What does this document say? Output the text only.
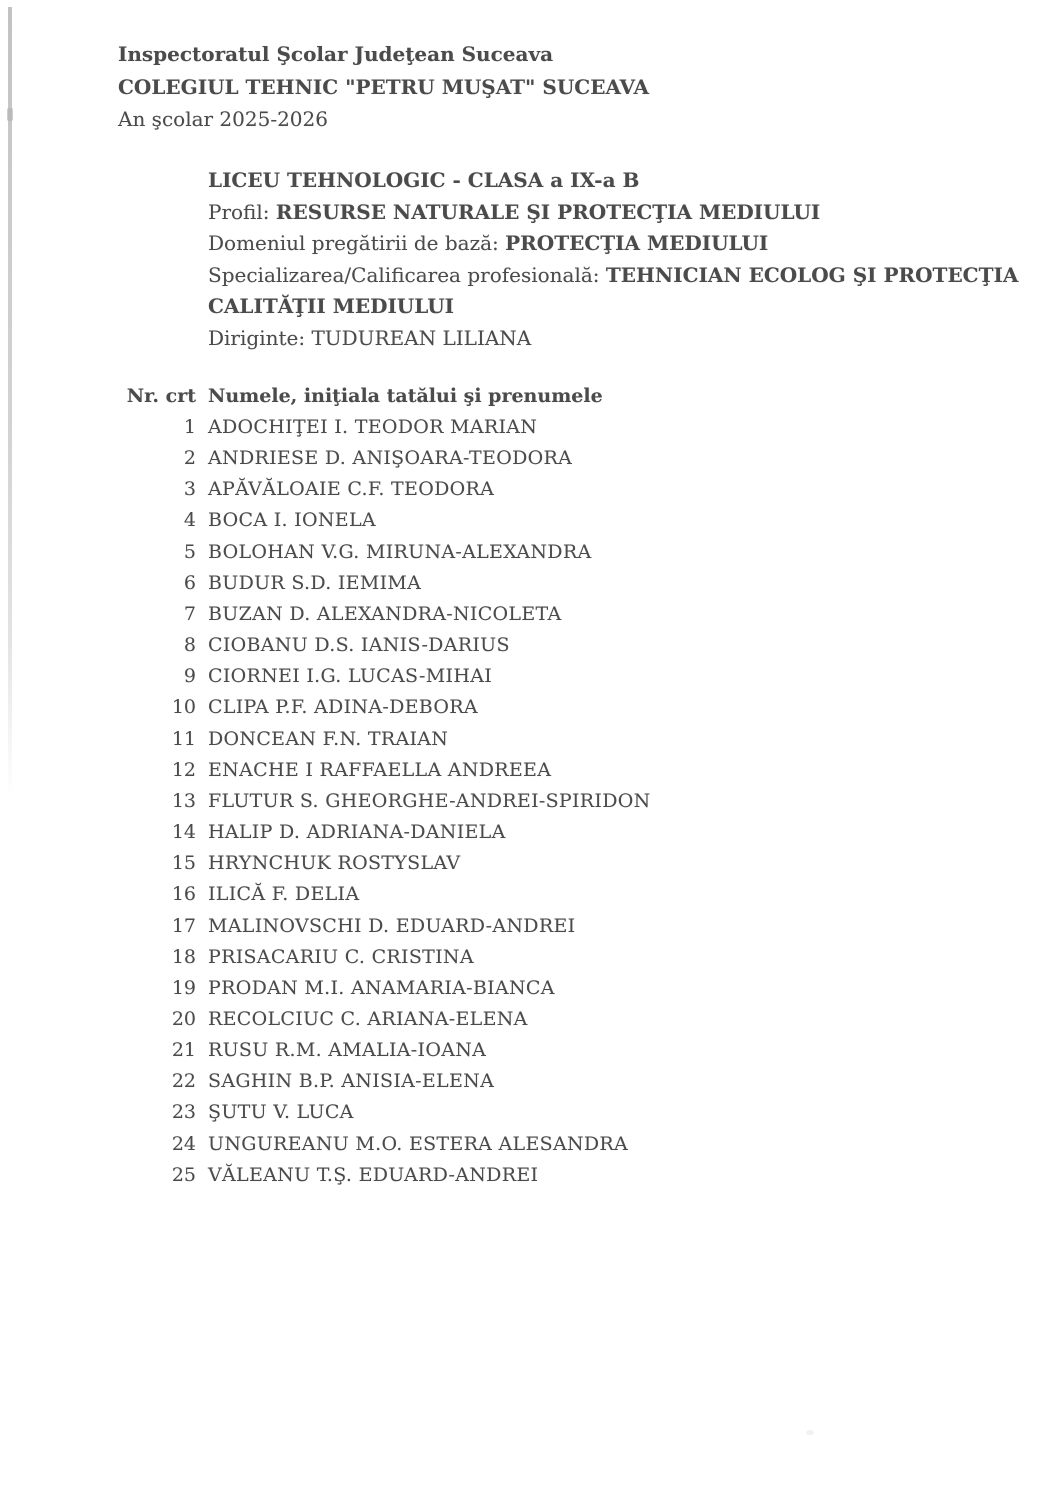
Inspectoratul Şcolar Judeţean Suceava
COLEGIUL TEHNIC "PETRU MUŞAT" SUCEAVA
An şcolar 2025-2026
LICEU TEHNOLOGIC - CLASA a IX-a B
Profil: RESURSE NATURALE ŞI PROTECŢIA MEDIULUI
Domeniul pregătirii de bază: PROTECŢIA MEDIULUI
Specializarea/Calificarea profesională: TEHNICIAN ECOLOG ŞI PROTECŢIA CALITĂŢII MEDIULUI
Diriginte: TUDUREAN LILIANA
Nr. crt Numele, iniţiala tatălui şi prenumele
1 ADOCHIŢEI I. TEODOR MARIAN
2 ANDRIESE D. ANIŞOARA-TEODORA
3 APĂVĂLOAIE C.F. TEODORA
4 BOCA I. IONELA
5 BOLOHAN V.G. MIRUNA-ALEXANDRA
6 BUDUR S.D. IEMIMA
7 BUZAN D. ALEXANDRA-NICOLETA
8 CIOBANU D.S. IANIS-DARIUS
9 CIORNEI I.G. LUCAS-MIHAI
10 CLIPA P.F. ADINA-DEBORA
11 DONCEAN F.N. TRAIAN
12 ENACHE I RAFFAELLA ANDREEA
13 FLUTUR S. GHEORGHE-ANDREI-SPIRIDON
14 HALIP D. ADRIANA-DANIELA
15 HRYNCHUK ROSTYSLAV
16 ILICĂ F. DELIA
17 MALINOVSCHI D. EDUARD-ANDREI
18 PRISACARIU C. CRISTINA
19 PRODAN M.I. ANAMARIA-BIANCA
20 RECOLCIUC C. ARIANA-ELENA
21 RUSU R.M. AMALIA-IOANA
22 SAGHIN B.P. ANISIA-ELENA
23 ŞUTU V. LUCA
24 UNGUREANU M.O. ESTERA ALESANDRA
25 VĂLEANU T.Ş. EDUARD-ANDREI
